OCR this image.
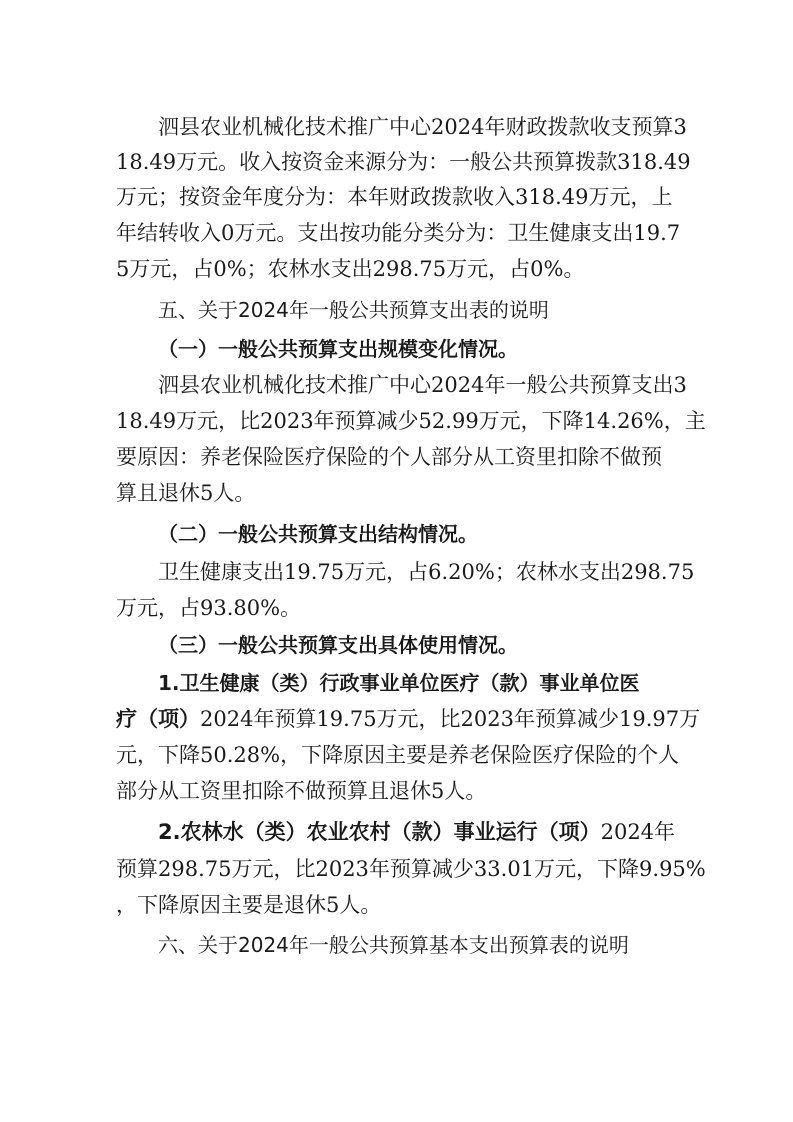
泗县农业机械化技术推广中心2024年财政拨款收支预算3

18.49万元。收入按资金来源分为：一般公共预算拨款318.49

万元；按资金年度分为：本年财政拨款收入318.49万元，上

年结转收入0万元。支出按功能分类分为：卫生健康支出19.7

5万元，占0%；农林水支出298.75万元，占0%。

五、关于2024年一般公共预算支出表的说明

（一）一般公共预算支出规模变化情况。

泗县农业机械化技术推广中心2024年一般公共预算支出3

18.49万元，比2023年预算减少52.99万元，下降14.26%，主

要原因：养老保险医疗保险的个人部分从工资里扣除不做预

算且退休5人。

（二）一般公共预算支出结构情况。

卫生健康支出19.75万元，占6.20%；农林水支出298.75

万元，占93.80%。

（三）一般公共预算支出具体使用情况。

1.卫生健康（类）行政事业单位医疗（款）事业单位医

疗（项）2024年预算19.75万元，比2023年预算减少19.97万

元，下降50.28%，下降原因主要是养老保险医疗保险的个人

部分从工资里扣除不做预算且退休5人。

2.农林水（类）农业农村（款）事业运行（项）2024年

预算298.75万元，比2023年预算减少33.01万元，下降9.95%

，下降原因主要是退休5人。

六、关于2024年一般公共预算基本支出预算表的说明
